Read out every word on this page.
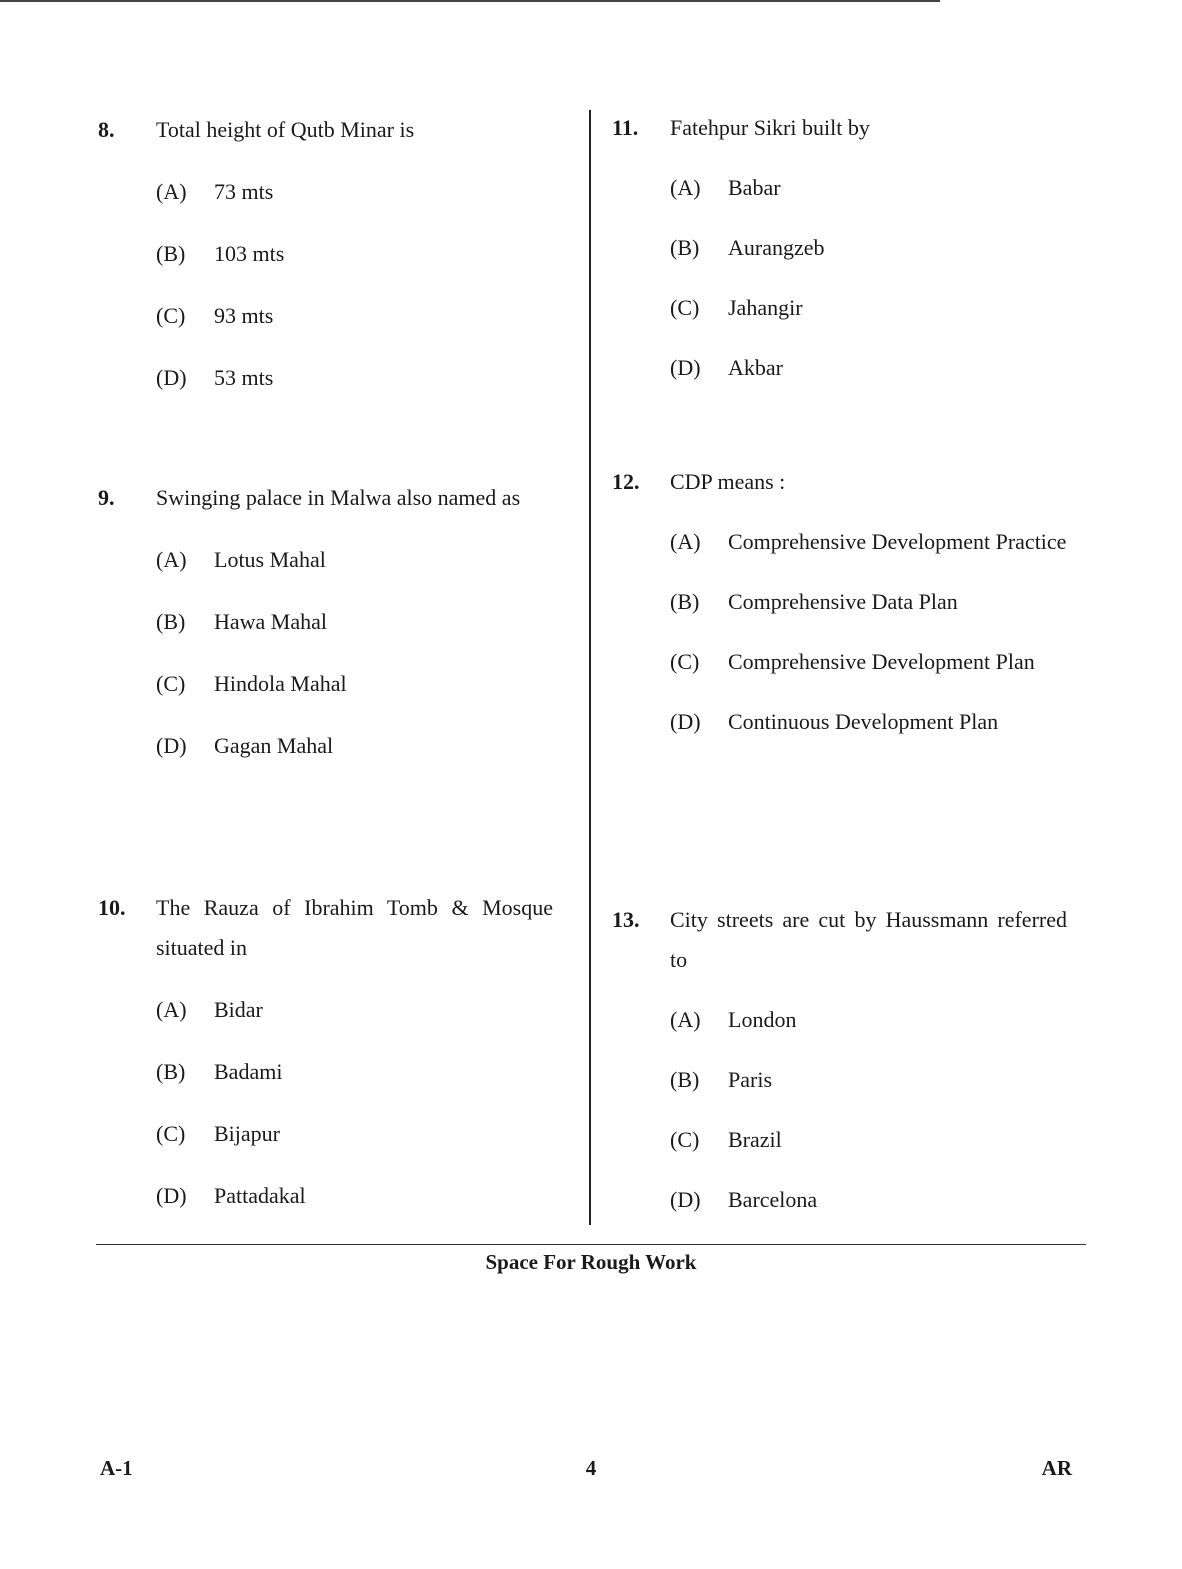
8.	Total height of Qutb Minar is
(A)	73 mts
(B)	103 mts
(C)	93 mts
(D)	53 mts
9.	Swinging palace in Malwa also named as
(A)	Lotus Mahal
(B)	Hawa Mahal
(C)	Hindola Mahal
(D)	Gagan Mahal
10.	The Rauza of Ibrahim Tomb & Mosque situated in
(A)	Bidar
(B)	Badami
(C)	Bijapur
(D)	Pattadakal
11.	Fatehpur Sikri built by
(A)	Babar
(B)	Aurangzeb
(C)	Jahangir
(D)	Akbar
12.	CDP means :
(A)	Comprehensive Development Practice
(B)	Comprehensive Data Plan
(C)	Comprehensive Development Plan
(D)	Continuous Development Plan
13.	City streets are cut by Haussmann referred to
(A)	London
(B)	Paris
(C)	Brazil
(D)	Barcelona
Space For Rough Work
A-1	4	AR
